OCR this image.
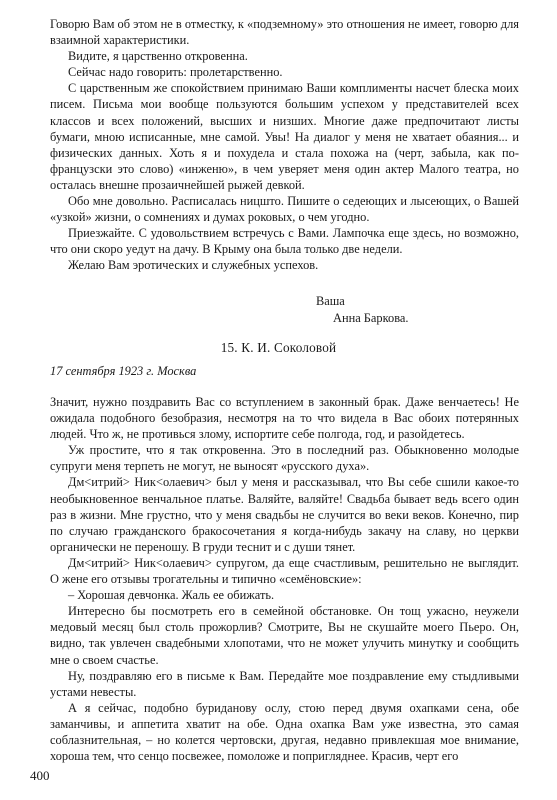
Говорю Вам об этом не в отместку, к «подземному» это отношения не имеет, говорю для взаимной характеристики.

Видите, я царственно откровенна.

Сейчас надо говорить: пролетарственно.

С царственным же спокойствием принимаю Ваши комплименты насчет блеска моих писем. Письма мои вообще пользуются большим успехом у представителей всех классов и всех положений, высших и низших. Многие даже предпочитают листы бумаги, мною исписанные, мне самой. Увы! На диалог у меня не хватает обаяния... и физических данных. Хоть я и похудела и стала похожа на (черт, забыла, как по-французски это слово) «инженю», в чем уверяет меня один актер Малого театра, но осталась внешне прозаичнейшей рыжей девкой.

Обо мне довольно. Расписалась ницшто. Пишите о седеющих и лысеющих, о Вашей «узкой» жизни, о сомнениях и думах роковых, о чем угодно.

Приезжайте. С удовольствием встречусь с Вами. Лампочка еще здесь, но возможно, что они скоро уедут на дачу. В Крыму она была только две недели.

Желаю Вам эротических и служебных успехов.

Ваша
Анна Баркова.
15. К. И. Соколовой
17 сентября 1923 г. Москва

Значит, нужно поздравить Вас со вступлением в законный брак. Даже венчаетесь! Не ожидала подобного безобразия, несмотря на то что видела в Вас обоих потерянных людей. Что ж, не противься злому, испортите себе полгода, год, и разойдетесь.

Уж простите, что я так откровенна. Это в последний раз. Обыкновенно молодые супруги меня терпеть не могут, не выносят «русского духа».

Дм<итрий> Ник<олаевич> был у меня и рассказывал, что Вы себе сшили какое-то необыкновенное венчальное платье. Валяйте, валяйте! Свадьба бывает ведь всего один раз в жизни. Мне грустно, что у меня свадьбы не случится во веки веков. Конечно, пир по случаю гражданского бракосочетания я когда-нибудь закачу на славу, но церкви органически не переношу. В груди теснит и с души тянет.

Дм<итрий> Ник<олаевич> супругом, да еще счастливым, решительно не выглядит. О жене его отзывы трогательны и типично «семёновские»:

– Хорошая девчонка. Жаль ее обижать.

Интересно бы посмотреть его в семейной обстановке. Он тощ ужасно, неужели медовый месяц был столь прожорлив? Смотрите, Вы не скушайте моего Пьеро. Он, видно, так увлечен свадебными хлопотами, что не может улучить минутку и сообщить мне о своем счастье.

Ну, поздравляю его в письме к Вам. Передайте мое поздравление ему стыдливыми устами невесты.

А я сейчас, подобно буриданову ослу, стою перед двумя охапками сена, обе заманчивы, и аппетита хватит на обе. Одна охапка Вам уже известна, это самая соблазнительная, – но колется чертовски, другая, недавно привлекшая мое внимание, хороша тем, что сенцо посвежее, помоложе и попригляднее. Красив, черт его

400
